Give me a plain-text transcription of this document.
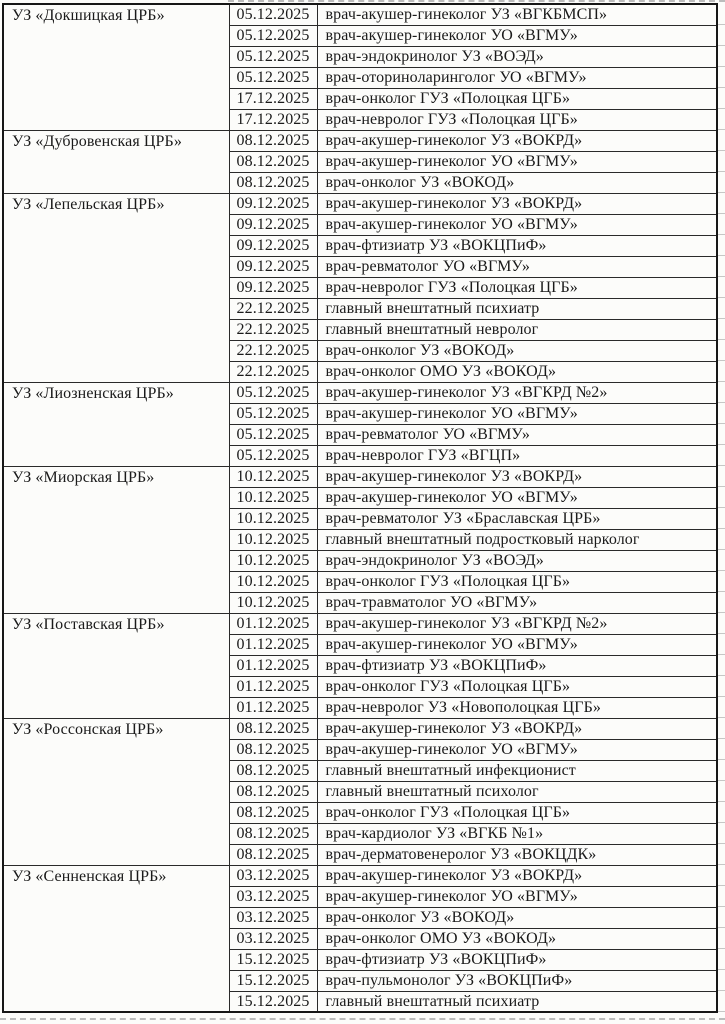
УЗ «Докшицкая ЦРБ»	05.12.2025	врач-акушер-гинеколог УЗ «ВГКБМСП»
	05.12.2025	врач-акушер-гинеколог УО «ВГМУ»
	05.12.2025	врач-эндокринолог УЗ «ВОЭД»
	05.12.2025	врач-оториноларинголог УО «ВГМУ»
	17.12.2025	врач-онколог ГУЗ «Полоцкая ЦГБ»
	17.12.2025	врач-невролог ГУЗ «Полоцкая ЦГБ»
УЗ «Дубровенская ЦРБ»	08.12.2025	врач-акушер-гинеколог УЗ «ВОКРД»
	08.12.2025	врач-акушер-гинеколог УО «ВГМУ»
	08.12.2025	врач-онколог УЗ «ВОКОД»
УЗ «Лепельская ЦРБ»	09.12.2025	врач-акушер-гинеколог УЗ «ВОКРД»
	09.12.2025	врач-акушер-гинеколог УО «ВГМУ»
	09.12.2025	врач-фтизиатр УЗ «ВОКЦПиФ»
	09.12.2025	врач-ревматолог УО «ВГМУ»
	09.12.2025	врач-невролог ГУЗ «Полоцкая ЦГБ»
	22.12.2025	главный внештатный психиатр
	22.12.2025	главный внештатный невролог
	22.12.2025	врач-онколог УЗ «ВОКОД»
	22.12.2025	врач-онколог ОМО УЗ «ВОКОД»
УЗ «Лиозненская ЦРБ»	05.12.2025	врач-акушер-гинеколог УЗ «ВГКРД №2»
	05.12.2025	врач-акушер-гинеколог УО «ВГМУ»
	05.12.2025	врач-ревматолог УО «ВГМУ»
	05.12.2025	врач-невролог ГУЗ «ВГЦП»
УЗ «Миорская ЦРБ»	10.12.2025	врач-акушер-гинеколог УЗ «ВОКРД»
	10.12.2025	врач-акушер-гинеколог УО «ВГМУ»
	10.12.2025	врач-ревматолог УЗ «Браславская ЦРБ»
	10.12.2025	главный внештатный подростковый нарколог
	10.12.2025	врач-эндокринолог УЗ «ВОЭД»
	10.12.2025	врач-онколог ГУЗ «Полоцкая ЦГБ»
	10.12.2025	врач-травматолог УО «ВГМУ»
УЗ «Поставская ЦРБ»	01.12.2025	врач-акушер-гинеколог УЗ «ВГКРД №2»
	01.12.2025	врач-акушер-гинеколог УО «ВГМУ»
	01.12.2025	врач-фтизиатр УЗ «ВОКЦПиФ»
	01.12.2025	врач-онколог ГУЗ «Полоцкая ЦГБ»
	01.12.2025	врач-невролог УЗ «Новополоцкая ЦГБ»
УЗ «Россонская ЦРБ»	08.12.2025	врач-акушер-гинеколог УЗ «ВОКРД»
	08.12.2025	врач-акушер-гинеколог УО «ВГМУ»
	08.12.2025	главный внештатный инфекционист
	08.12.2025	главный внештатный психолог
	08.12.2025	врач-онколог ГУЗ «Полоцкая ЦГБ»
	08.12.2025	врач-кардиолог УЗ «ВГКБ №1»
	08.12.2025	врач-дерматовенеролог УЗ «ВОКЦДК»
УЗ «Сенненская ЦРБ»	03.12.2025	врач-акушер-гинеколог УЗ «ВОКРД»
	03.12.2025	врач-акушер-гинеколог УО «ВГМУ»
	03.12.2025	врач-онколог УЗ «ВОКОД»
	03.12.2025	врач-онколог ОМО УЗ «ВОКОД»
	15.12.2025	врач-фтизиатр УЗ «ВОКЦПиФ»
	15.12.2025	врач-пульмонолог УЗ «ВОКЦПиФ»
	15.12.2025	главный внештатный психиатр
